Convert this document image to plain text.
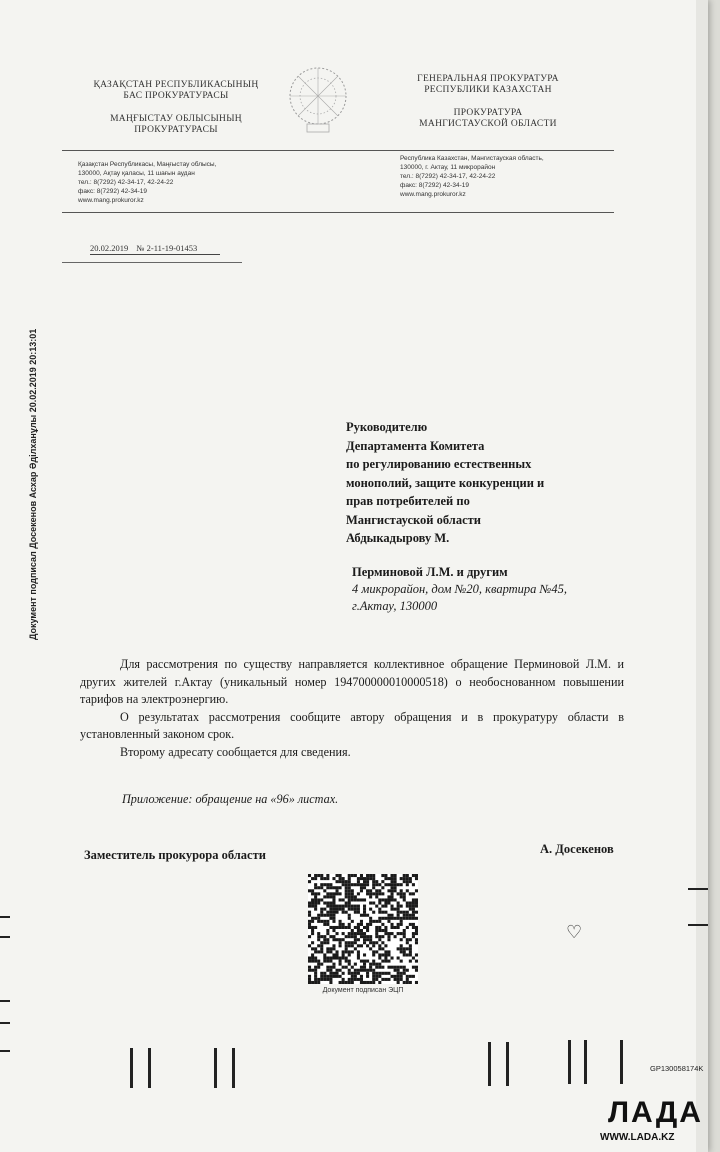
ҚАЗАҚСТАН РЕСПУБЛИКАСЫНЫҢ
БАС ПРОКУРАТУРАСЫ
МАҢҒЫСТАУ ОБЛЫСЫНЫҢ
ПРОКУРАТУРАСЫ
ГЕНЕРАЛЬНАЯ ПРОКУРАТУРА
РЕСПУБЛИКИ КАЗАХСТАН
ПРОКУРАТУРА
МАНГИСТАУСКОЙ ОБЛАСТИ
Қазақстан Республикасы, Маңғыстау облысы,
130000, Ақтау қаласы, 11 шағын аудан
тел.: 8(7292) 42-34-17, 42-24-22
факс: 8(7292) 42-34-19
www.mang.prokuror.kz
Республика Казахстан, Мангистауская область,
130000, г. Актау, 11 микрорайон
тел.: 8(7292) 42-34-17, 42-24-22
факс: 8(7292) 42-34-19
www.mang.prokuror.kz
20.02.2019 № 2-11-19-01453
Документ подписал Досекенов Асхар Әділханұлы 20.02.2019 20:13:01	Руководителю
Департамента Комитета
по регулированию естественных
монополий, защите конкуренции и
прав потребителей по
Мангистауской области
Абдыкадырову М.
Перминовой Л.М. и другим
4 микрорайон, дом №20, квартира №45,
г.Актау, 130000

Для рассмотрения по существу направляется коллективное обращение Перминовой Л.М. и других жителей г.Актау (уникальный номер 194700000010000518) о необоснованном повышении тарифов на электроэнергию.

О результатах рассмотрения сообщите автору обращения и в прокуратуру области в установленный законом срок.

Второму адресату сообщается для сведения.

Приложение: обращение на «96» листах.
Заместитель прокурора области	А. Досекенов
Документ подписан ЭЦП
♡
GP13005817​4K
ЛАДА
WWW.LADA.KZ
